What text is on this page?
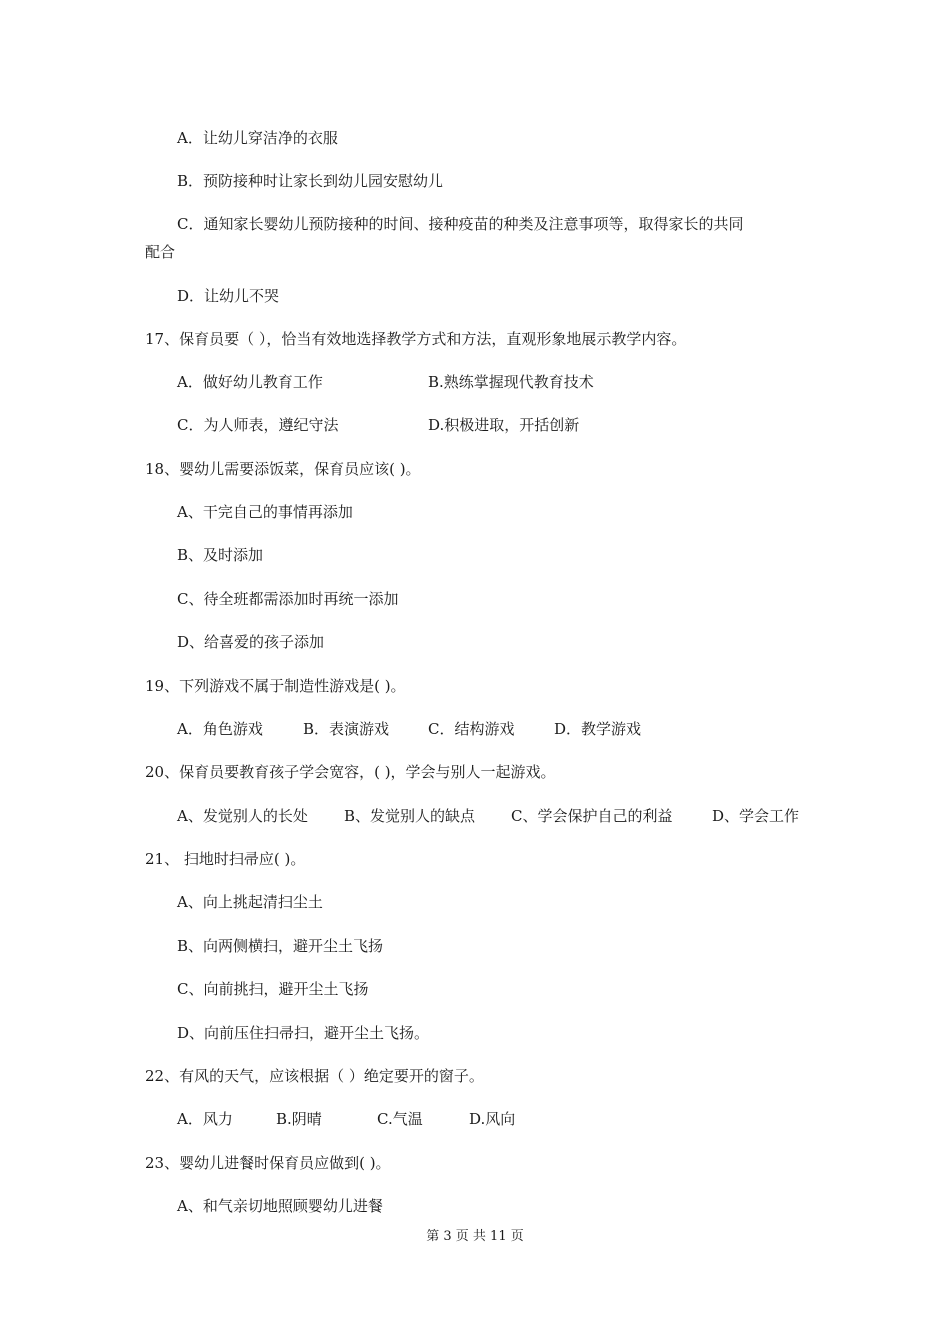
A．让幼儿穿洁净的衣服
B．预防接种时让家长到幼儿园安慰幼儿
C．通知家长婴幼儿预防接种的时间、接种疫苗的种类及注意事项等，取得家长的共同
配合
D．让幼儿不哭
17、保育员要（ ），恰当有效地选择教学方式和方法，直观形象地展示教学内容。
A．做好幼儿教育工作	B.熟练掌握现代教育技术
C．为人师表，遵纪守法	D.积极进取，开括创新
18、婴幼儿需要添饭菜，保育员应该( )。
A、干完自己的事情再添加
B、及时添加
C、待全班都需添加时再统一添加
D、给喜爱的孩子添加
19、下列游戏不属于制造性游戏是( )。
A．角色游戏	B．表演游戏	C．结构游戏	D．教学游戏
20、保育员要教育孩子学会宽容，( )，学会与别人一起游戏。
A、发觉别人的长处 B、发觉别人的缺点 C、学会保护自己的利益	D、学会工作
21、 扫地时扫帚应( )。
A、向上挑起清扫尘土
B、向两侧横扫，避开尘土飞扬
C、向前挑扫，避开尘土飞扬
D、向前压住扫帚扫，避开尘土飞扬。
22、有风的天气，应该根据（ ）绝定要开的窗子。
A．风力	B.阴晴	C.气温	D.风向
23、婴幼儿进餐时保育员应做到( )。
A、和气亲切地照顾婴幼儿进餐
第 3 页 共 11 页
